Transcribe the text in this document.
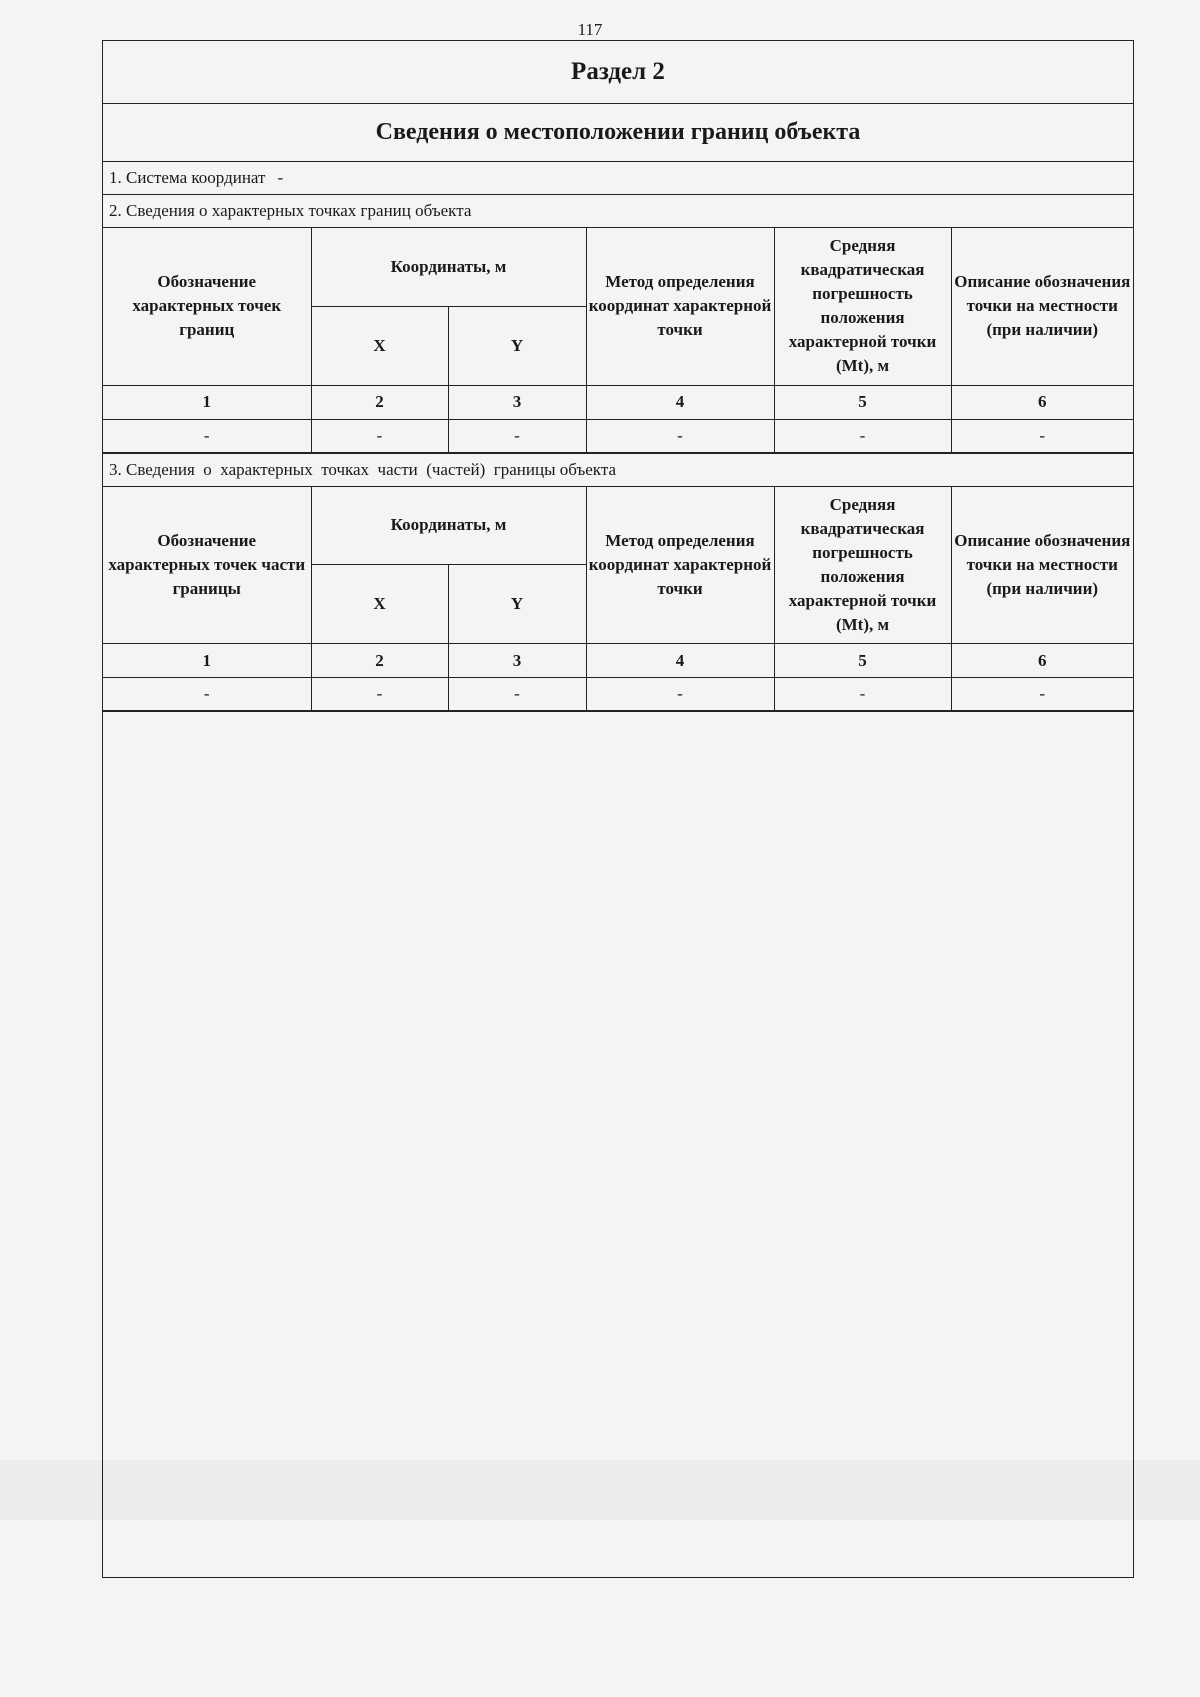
117
Раздел 2
Сведения о местоположении границ объекта
1. Система координат -
2. Сведения о характерных точках границ объекта
Обозначение характерных точек границ	Координаты, м		Метод определения координат характерной точки	Средняя квадратическая погрешность положения характерной точки (Mt), м	Описание обозначения точки на местности (при наличии)
	X	Y			
1	2	3	4	5	6
-	-	-	-	-	-
3. Сведения  о  характерных  точках  части  (частей)  границы объекта
Обозначение характерных точек части границы	Координаты, м		Метод определения координат характерной точки	Средняя квадратическая погрешность положения характерной точки (Mt), м	Описание обозначения точки на местности (при наличии)
	X	Y			
1	2	3	4	5	6
-	-	-	-	-	-
